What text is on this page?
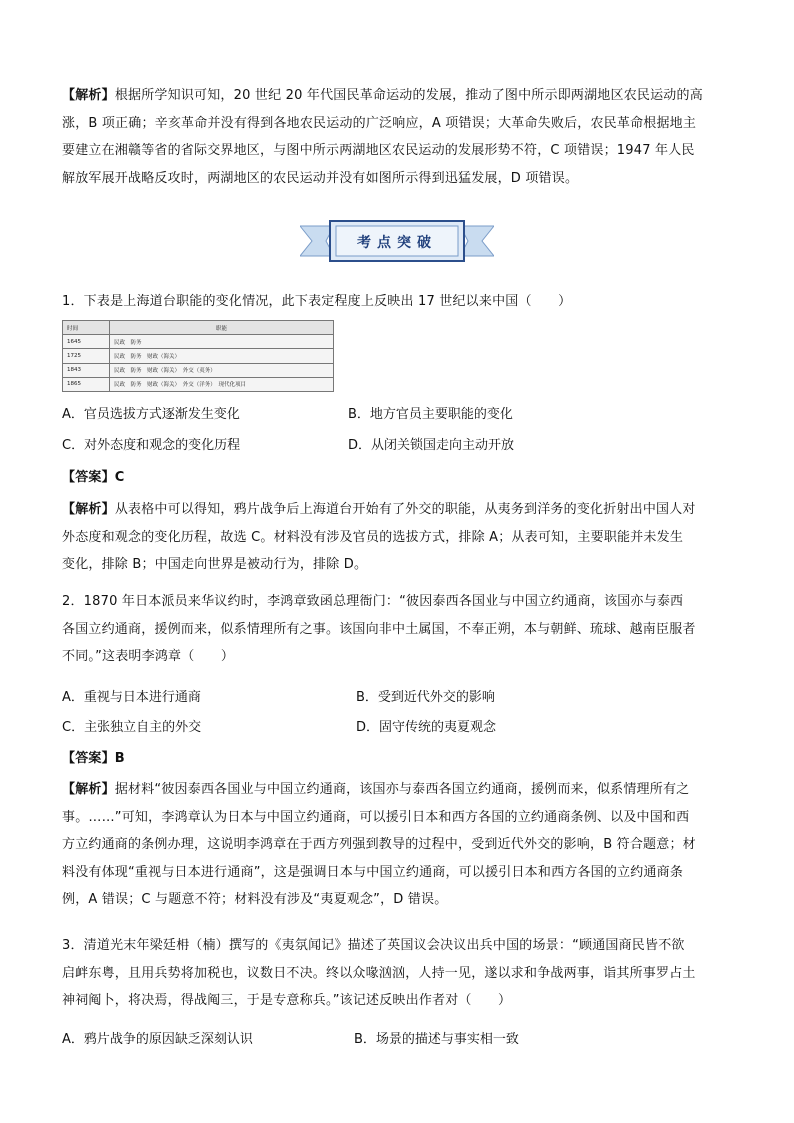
【解析】根据所学知识可知，20 世纪 20 年代国民革命运动的发展，推动了图中所示即两湖地区农民运动的高
涨，B 项正确；辛亥革命并没有得到各地农民运动的广泛响应，A 项错误；大革命失败后，农民革命根据地主
要建立在湘赣等省的省际交界地区，与图中所示两湖地区农民运动的发展形势不符，C 项错误；1947 年人民
解放军展开战略反攻时，两湖地区的农民运动并没有如图所示得到迅猛发展，D 项错误。
考点突破
1．下表是上海道台职能的变化情况，此下表定程度上反映出 17 世纪以来中国（　　）
时间	职能
1645	民政　防务
1725	民政　防务　财政（海关）
1843	民政　防务　财政（海关）　外交（夷务）
1865	民政　防务　财政（海关）　外交（洋务）　现代化项目
A．官员选拔方式逐渐发生变化	B．地方官员主要职能的变化
C．对外态度和观念的变化历程	D．从闭关锁国走向主动开放
【答案】C
【解析】从表格中可以得知，鸦片战争后上海道台开始有了外交的职能，从夷务到洋务的变化折射出中国人对
外态度和观念的变化历程，故选 C。材料没有涉及官员的选拔方式，排除 A；从表可知，主要职能并未发生
变化，排除 B；中国走向世界是被动行为，排除 D。
2．1870 年日本派员来华议约时，李鸿章致函总理衙门：“彼因泰西各国业与中国立约通商，该国亦与泰西
各国立约通商，援例而来，似系情理所有之事。该国向非中土属国，不奉正朔，本与朝鲜、琉球、越南臣服者
不同。”这表明李鸿章（　　）
A．重视与日本进行通商	B．受到近代外交的影响
C．主张独立自主的外交	D．固守传统的夷夏观念
【答案】B
【解析】据材料“彼因泰西各国业与中国立约通商，该国亦与泰西各国立约通商，援例而来，似系情理所有之
事。……”可知，李鸿章认为日本与中国立约通商，可以援引日本和西方各国的立约通商条例、以及中国和西
方立约通商的条例办理，这说明李鸿章在于西方列强到教导的过程中，受到近代外交的影响，B 符合题意；材
料没有体现“重视与日本进行通商”，这是强调日本与中国立约通商，可以援引日本和西方各国的立约通商条
例，A 错误；C 与题意不符；材料没有涉及“夷夏观念”，D 错误。
3．清道光末年梁廷枏（楠）撰写的《夷氛闻记》描述了英国议会决议出兵中国的场景：“顾通国商民皆不欲
启衅东粤，且用兵势将加税也，议数日不决。终以众喙汹汹，人持一见，遂以求和争战两事，诣其所事罗占土
神祠阄卜，将决焉，得战阄三，于是专意称兵。”该记述反映出作者对（　　）
A．鸦片战争的原因缺乏深刻认识	B．场景的描述与事实相一致
